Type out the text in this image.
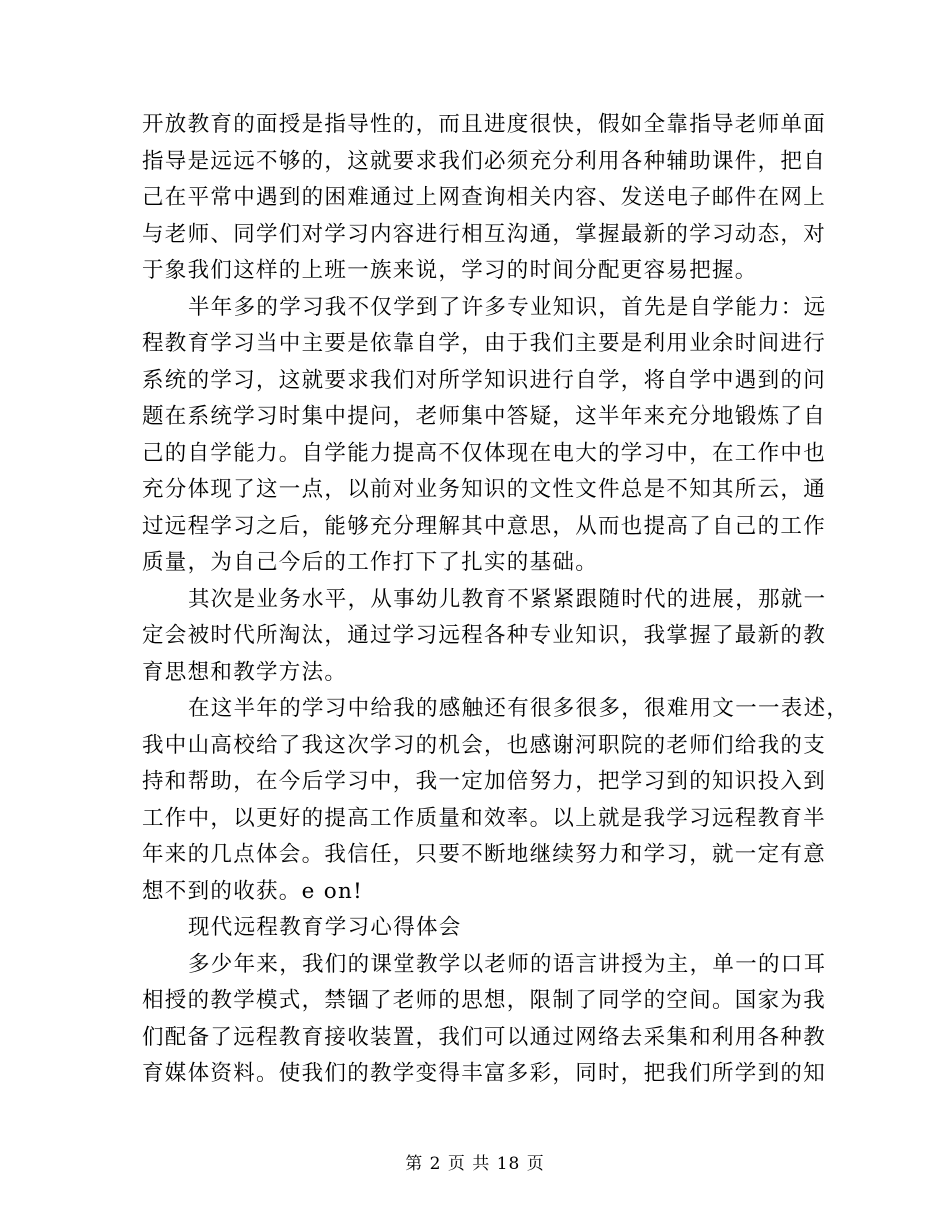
开放教育的面授是指导性的，而且进度很快，假如全靠指导老师单面
指导是远远不够的，这就要求我们必须充分利用各种辅助课件，把自
己在平常中遇到的困难通过上网查询相关内容、发送电子邮件在网上
与老师、同学们对学习内容进行相互沟通，掌握最新的学习动态，对
于象我们这样的上班一族来说，学习的时间分配更容易把握。
半年多的学习我不仅学到了许多专业知识，首先是自学能力：远
程教育学习当中主要是依靠自学，由于我们主要是利用业余时间进行
系统的学习，这就要求我们对所学知识进行自学，将自学中遇到的问
题在系统学习时集中提问，老师集中答疑，这半年来充分地锻炼了自
己的自学能力。自学能力提高不仅体现在电大的学习中，在工作中也
充分体现了这一点，以前对业务知识的文性文件总是不知其所云，通
过远程学习之后，能够充分理解其中意思，从而也提高了自己的工作
质量，为自己今后的工作打下了扎实的基础。
其次是业务水平，从事幼儿教育不紧紧跟随时代的进展，那就一
定会被时代所淘汰，通过学习远程各种专业知识，我掌握了最新的教
育思想和教学方法。
在这半年的学习中给我的感触还有很多很多，很难用文一一表述，
我中山高校给了我这次学习的机会，也感谢河职院的老师们给我的支
持和帮助，在今后学习中，我一定加倍努力，把学习到的知识投入到
工作中，以更好的提高工作质量和效率。以上就是我学习远程教育半
年来的几点体会。我信任，只要不断地继续努力和学习，就一定有意
想不到的收获。e on!
现代远程教育学习心得体会
多少年来，我们的课堂教学以老师的语言讲授为主，单一的口耳
相授的教学模式，禁锢了老师的思想，限制了同学的空间。国家为我
们配备了远程教育接收装置，我们可以通过网络去采集和利用各种教
育媒体资料。使我们的教学变得丰富多彩，同时，把我们所学到的知
第 2 页 共 18 页
